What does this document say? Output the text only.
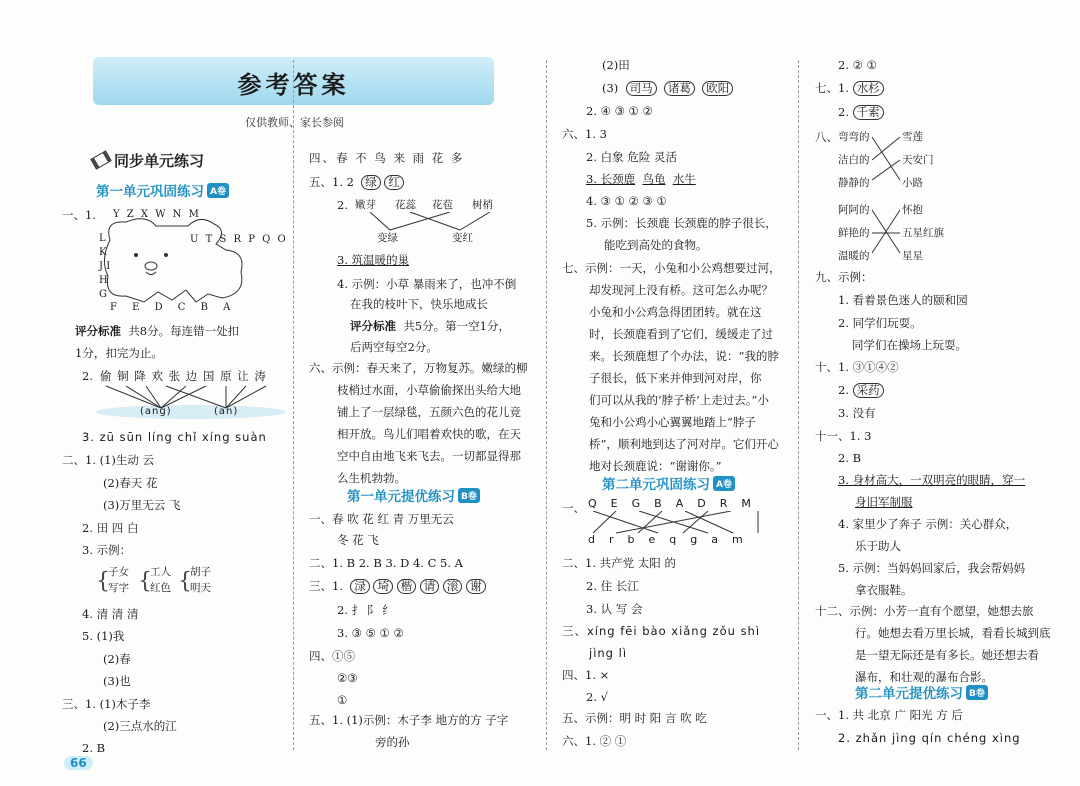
参考答案
仅供教师、家长参阅
同步单元练习
第一单元巩固练习 A卷
一、1. Y Z X W N M
L K J I H G
U T S R P Q O
F E D C B A
评分标准 共8分。每连错一处扣
1分，扣完为止。
2. 偷 铜 降 欢 张 边 国 原 让 涛
(ang)	(an)
3. zū sūn líng chǐ xíng suàn
二、1. (1)生动 云
(2)春天 花
(3)万里无云 飞
2. 田 四 白
3. 示例：
{
子女
写字 {
工人
红色 {
胡子
明天
4. 清 清 清
5. (1)我
(2)春
(3)也
三、1. (1)木子李
(2)三点水的江
2. B
66
四、春 不 鸟 来 雨 花 多
五、1. 2 绿 红
2. 嫩芽 花蕊 花苞 树梢
变绿	变红
3. 筑温暖的巢
4. 示例：小草 暴雨来了，也冲不倒
在我的枝叶下，快乐地成长
评分标准 共5分。第一空1分，
后两空每空2分。
六、示例：春天来了，万物复苏。嫩绿的柳
枝梢过水面，小草偷偷探出头给大地
铺上了一层绿毯，五颜六色的花儿竞
相开放。鸟儿们唱着欢快的歌，在天
空中自由地飞来飞去。一切都显得那
么生机勃勃。
第一单元提优练习 B卷
一、春 吹 花 红 青 万里无云
冬 花 飞
二、1. B 2. B 3. D 4. C 5. A
三、1. 渌 埼 楷 请 滚 谢
2. 扌 阝 纟
3. ③ ⑤ ① ②
四、①⑤
②③
①
五、1. (1)示例：木子李 地方的方 子字
旁的孙
(2)田
(3) 司马 诸葛 欧阳
2. ④ ③ ① ②
六、1. 3
2. 白象 危险 灵活
3. 长颈鹿 鸟龟 水牛
4. ③ ① ② ③ ①
5. 示例：长颈鹿 长颈鹿的脖子很长，
能吃到高处的食物。
七、示例：一天，小兔和小公鸡想要过河，
却发现河上没有桥。这可怎么办呢？
小兔和小公鸡急得团团转。就在这
时，长颈鹿看到了它们，缓缓走了过
来。长颈鹿想了个办法，说：“我的脖
子很长，低下来并伸到河对岸，你
们可以从我的‘脖子桥’上走过去。”小
兔和小公鸡小心翼翼地踏上“脖子
桥”，顺利地到达了河对岸。它们开心
地对长颈鹿说：“谢谢你。”
第二单元巩固练习 A卷
一、 QEGBADRM
drbeqgam
二、1. 共产党 太阳 的
2. 住 长江
3. 认 写 会
三、xíng fēi bào xiǎng zǒu shì
jìng lì
四、1. ×
2. √
五、示例：明 时 阳 言 吹 吃
六、1. ② ①
2. ② ①
七、1. 水杉
2. 千索
八、 弯弯的
洁白的
静静的
雪莲
天安门
小路
阿阿的
鲜艳的
温暖的
怀抱
五星红旗
星星
九、示例：
1. 看着景色迷人的颐和园
2. 同学们玩耍。
同学们在操场上玩耍。
十、1. ③①④②
2. 采药
3. 没有
十一、1. 3
2. B
3. 身材高大，一双明亮的眼睛，穿一
身旧军制服
4. 家里少了奔子 示例：关心群众，
乐于助人
5. 示例：当妈妈回家后，我会帮妈妈
拿衣服鞋。
十二、示例：小芳一直有个愿望，她想去旅
行。她想去看万里长城，看看长城到底
是一望无际还是有多长。她还想去看
瀑布，和壮观的瀑布合影。
第二单元提优练习 B卷
一、1. 共 北京 广 阳光 方 后
2. zhǎn jìng qín chéng xìng
